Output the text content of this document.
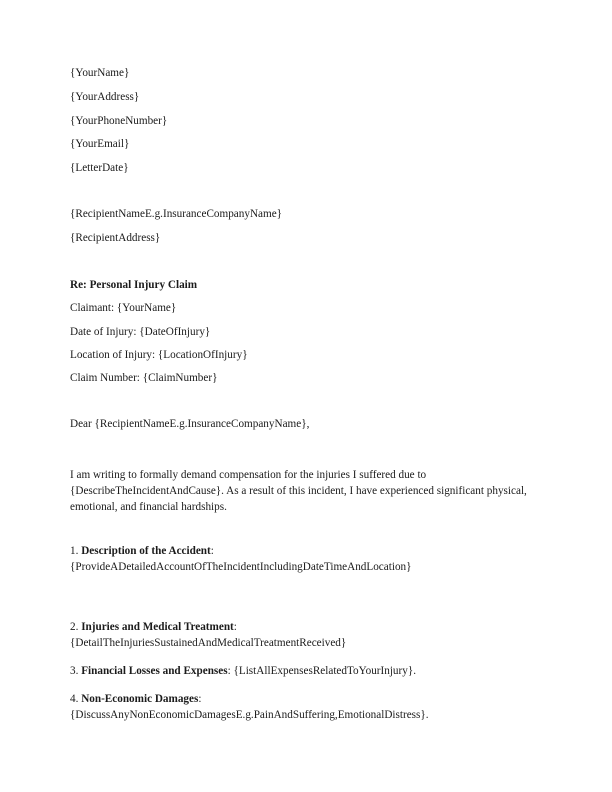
{YourName}
{YourAddress}
{YourPhoneNumber}
{YourEmail}
{LetterDate}
{RecipientNameE.g.InsuranceCompanyName}
{RecipientAddress}
Re: Personal Injury Claim
Claimant: {YourName}
Date of Injury: {DateOfInjury}
Location of Injury: {LocationOfInjury}
Claim Number: {ClaimNumber}
Dear {RecipientNameE.g.InsuranceCompanyName},
I am writing to formally demand compensation for the injuries I suffered due to {DescribeTheIncidentAndCause}. As a result of this incident, I have experienced significant physical, emotional, and financial hardships.
1. Description of the Accident:
{ProvideADetailedAccountOfTheIncidentIncludingDateTimeAndLocation}
2. Injuries and Medical Treatment:
{DetailTheInjuriesSustainedAndMedicalTreatmentReceived}
3. Financial Losses and Expenses: {ListAllExpensesRelatedToYourInjury}.
4. Non-Economic Damages:
{DiscussAnyNonEconomicDamagesE.g.PainAndSuffering,EmotionalDistress}.
